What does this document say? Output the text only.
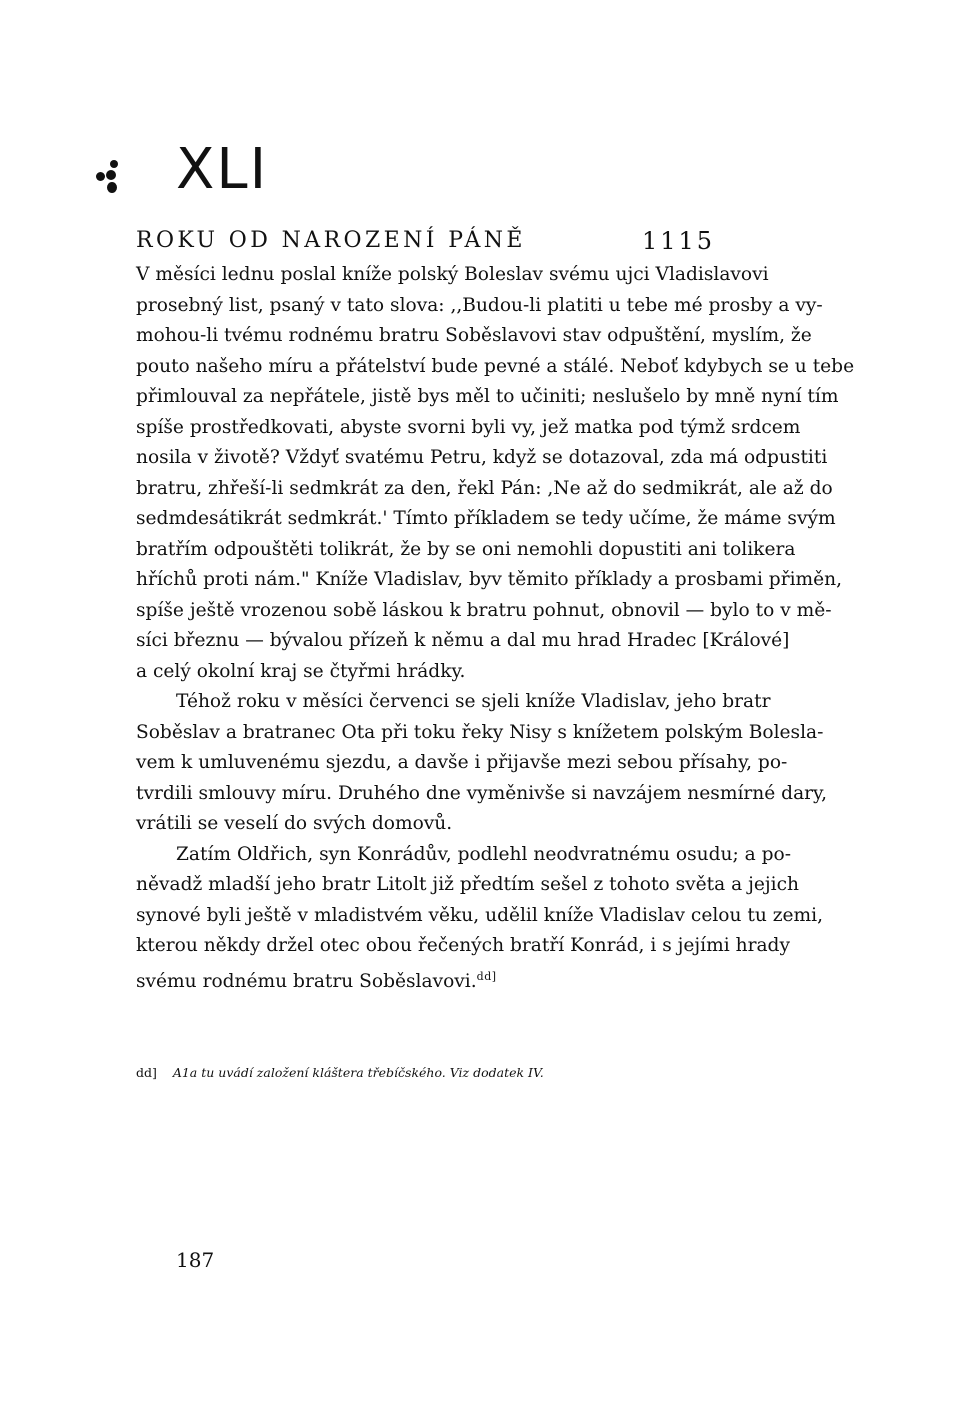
XLI
ROKU OD NAROZENÍ PÁNĚ	1115
V měsíci lednu poslal kníže polský Boleslav svému ujci Vladislavovi
prosebný list, psaný v tato slova: ,,Budou-li platiti u tebe mé prosby a vy-
mohou-li tvému rodnému bratru Soběslavovi stav odpuštění, myslím, že
pouto našeho míru a přátelství bude pevné a stálé. Neboť kdybych se u tebe
přimlouval za nepřátele, jistě bys měl to učiniti; neslušelo by mně nyní tím
spíše prostředkovati, abyste svorni byli vy, jež matka pod týmž srdcem
nosila v životě? Vždyť svatému Petru, když se dotazoval, zda má odpustiti
bratru, zhřeší-li sedmkrát za den, řekl Pán: ,Ne až do sedmikrát, ale až do
sedmdesátikrát sedmkrát.' Tímto příkladem se tedy učíme, že máme svým
bratřím odpouštěti tolikrát, že by se oni nemohli dopustiti ani tolikera
hříchů proti nám." Kníže Vladislav, byv těmito příklady a prosbami přiměn,
spíše ještě vrozenou sobě láskou k bratru pohnut, obnovil — bylo to v mě-
síci březnu — bývalou přízeň k němu a dal mu hrad Hradec [Králové]
a celý okolní kraj se čtyřmi hrádky.
Téhož roku v měsíci červenci se sjeli kníže Vladislav, jeho bratr
Soběslav a bratranec Ota při toku řeky Nisy s knížetem polským Bolesla-
vem k umluvenému sjezdu, a davše i přijavše mezi sebou přísahy, po-
tvrdili smlouvy míru. Druhého dne vyměnivše si navzájem nesmírné dary,
vrátili se veselí do svých domovů.
Zatím Oldřich, syn Konrádův, podlehl neodvratnému osudu; a po-
něvadž mladší jeho bratr Litolt již předtím sešel z tohoto světa a jejich
synové byli ještě v mladistvém věku, udělil kníže Vladislav celou tu zemi,
kterou někdy držel otec obou řečených bratří Konrád, i s jejími hrady
svému rodnému bratru Soběslavovi.$^{dd]}$
dd] A1a tu uvádí založení kláštera třebíčského. Viz dodatek IV.
187
